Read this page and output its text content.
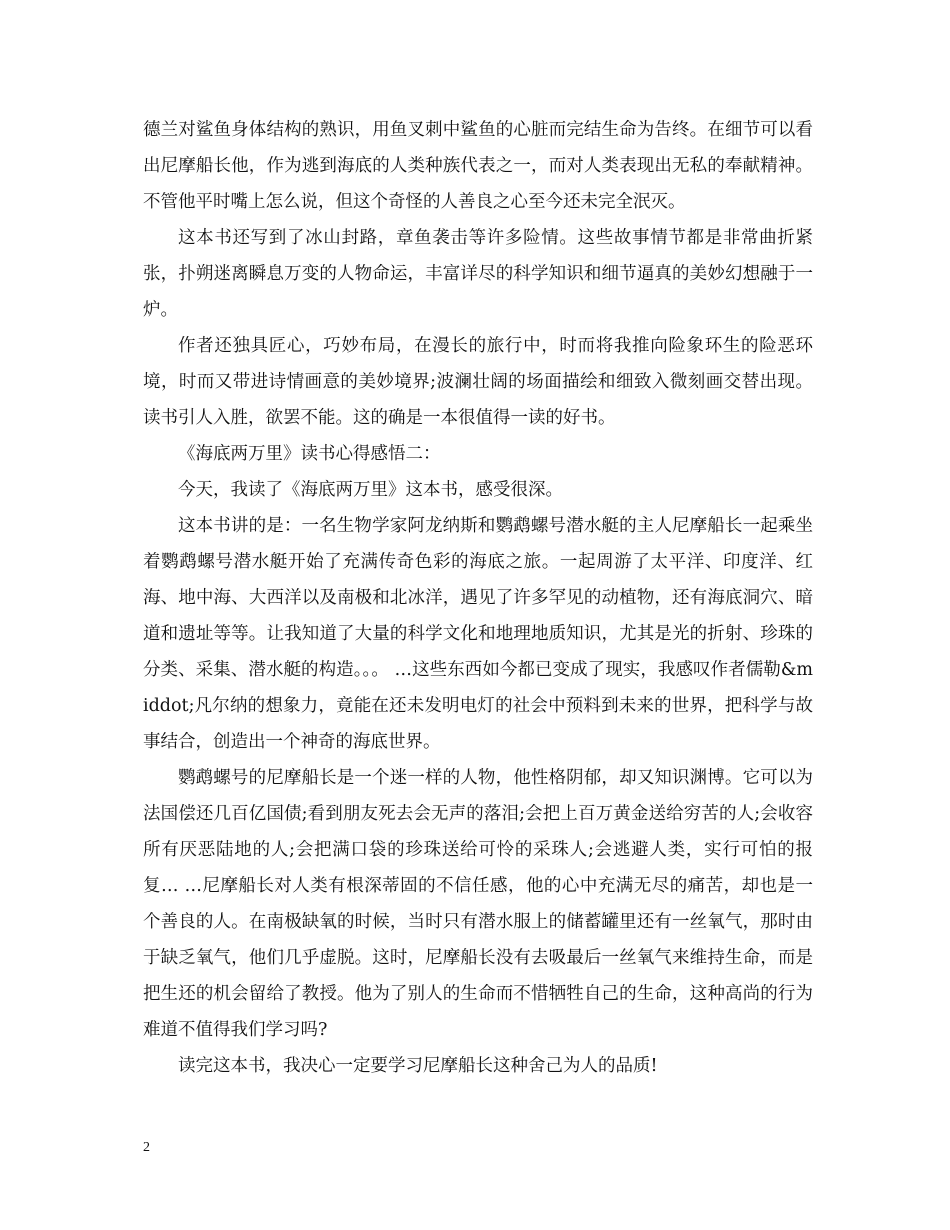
德兰对鲨鱼身体结构的熟识，用鱼叉刺中鲨鱼的心脏而完结生命为告终。在细节可以看出尼摩船长他，作为逃到海底的人类种族代表之一，而对人类表现出无私的奉献精神。不管他平时嘴上怎么说，但这个奇怪的人善良之心至今还未完全泯灭。

这本书还写到了冰山封路，章鱼袭击等许多险情。这些故事情节都是非常曲折紧张，扑朔迷离瞬息万变的人物命运，丰富详尽的科学知识和细节逼真的美妙幻想融于一炉。

作者还独具匠心，巧妙布局，在漫长的旅行中，时而将我推向险象环生的险恶环境，时而又带进诗情画意的美妙境界;波澜壮阔的场面描绘和细致入微刻画交替出现。读书引人入胜，欲罢不能。这的确是一本很值得一读的好书。

《海底两万里》读书心得感悟二：

今天，我读了《海底两万里》这本书，感受很深。

这本书讲的是：一名生物学家阿龙纳斯和鹦鹉螺号潜水艇的主人尼摩船长一起乘坐着鹦鹉螺号潜水艇开始了充满传奇色彩的海底之旅。一起周游了太平洋、印度洋、红海、地中海、大西洋以及南极和北冰洋，遇见了许多罕见的动植物，还有海底洞穴、暗道和遗址等等。让我知道了大量的科学文化和地理地质知识，尤其是光的折射、珍珠的分类、采集、潜水艇的构造。。。 …这些东西如今都已变成了现实，我感叹作者儒勒&middot;凡尔纳的想象力，竟能在还未发明电灯的社会中预料到未来的世界，把科学与故事结合，创造出一个神奇的海底世界。

鹦鹉螺号的尼摩船长是一个迷一样的人物，他性格阴郁，却又知识渊博。它可以为法国偿还几百亿国债;看到朋友死去会无声的落泪;会把上百万黄金送给穷苦的人;会收容所有厌恶陆地的人;会把满口袋的珍珠送给可怜的采珠人;会逃避人类，实行可怕的报复… …尼摩船长对人类有根深蒂固的不信任感，他的心中充满无尽的痛苦，却也是一个善良的人。在南极缺氧的时候，当时只有潜水服上的储蓄罐里还有一丝氧气，那时由于缺乏氧气，他们几乎虚脱。这时，尼摩船长没有去吸最后一丝氧气来维持生命，而是把生还的机会留给了教授。他为了别人的生命而不惜牺牲自己的生命，这种高尚的行为难道不值得我们学习吗?

读完这本书，我决心一定要学习尼摩船长这种舍己为人的品质!

2
